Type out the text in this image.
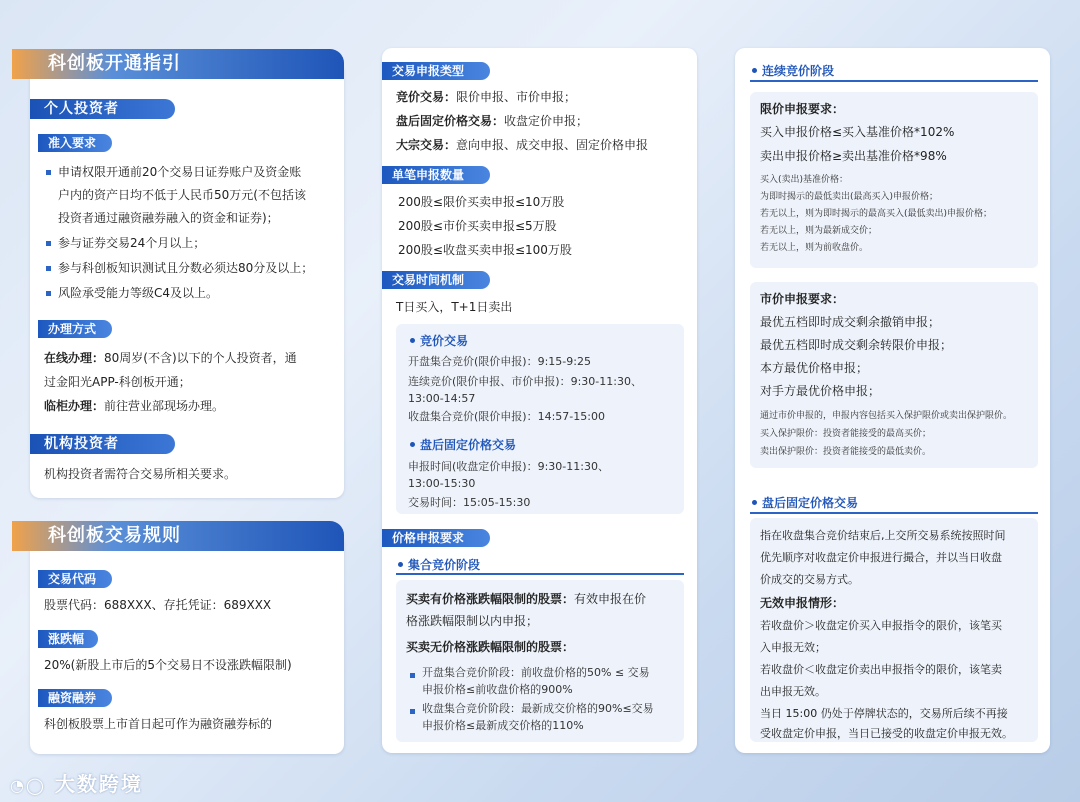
科创板开通指引
个人投资者
准入要求
申请权限开通前20个交易日证券账户及资金账
户内的资产日均不低于人民币50万元(不包括该
投资者通过融资融券融入的资金和证券)；
参与证券交易24个月以上；
参与科创板知识测试且分数必须达80分及以上；
风险承受能力等级C4及以上。
办理方式
在线办理：80周岁(不含)以下的个人投资者，通
过金阳光APP-科创板开通；
临柜办理：前往营业部现场办理。
机构投资者
机构投资者需符合交易所相关要求。
科创板交易规则
交易代码
股票代码：688XXX、存托凭证：689XXX
涨跌幅
20%(新股上市后的5个交易日不设涨跌幅限制)
融资融券
科创板股票上市首日起可作为融资融券标的
交易申报类型
竞价交易：限价申报、市价申报；
盘后固定价格交易：收盘定价申报；
大宗交易：意向申报、成交申报、固定价格申报
单笔申报数量
200股≤限价买卖申报≤10万股
200股≤市价买卖申报≤5万股
200股≤收盘买卖申报≤100万股
交易时间机制
T日买入，T+1日卖出
竞价交易
开盘集合竞价(限价申报)：9:15-9:25
连续竞价(限价申报、市价申报)：9:30-11:30、
13:00-14:57
收盘集合竞价(限价申报)：14:57-15:00
盘后固定价格交易
申报时间(收盘定价申报)：9:30-11:30、
13:00-15:30
交易时间：15:05-15:30
价格申报要求
集合竞价阶段
买卖有价格涨跌幅限制的股票：有效申报在价
格涨跌幅限制以内申报；
买卖无价格涨跌幅限制的股票：
开盘集合竞价阶段：前收盘价格的50% ≤ 交易
申报价格≤前收盘价格的900%
收盘集合竞价阶段：最新成交价格的90%≤交易
申报价格≤最新成交价格的110%
连续竞价阶段
限价申报要求：
买入申报价格≤买入基准价格*102%
卖出申报价格≥卖出基准价格*98%
买入(卖出)基准价格：
为即时揭示的最低卖出(最高买入)申报价格；
若无以上，则为即时揭示的最高买入(最低卖出)申报价格；
若无以上，则为最新成交价；
若无以上，则为前收盘价。
市价申报要求：
最优五档即时成交剩余撤销申报；
最优五档即时成交剩余转限价申报；
本方最优价格申报；
对手方最优价格申报；
通过市价申报的，申报内容包括买入保护限价或卖出保护限价。
买入保护限价：投资者能接受的最高买价；
卖出保护限价：投资者能接受的最低卖价。
盘后固定价格交易
指在收盘集合竞价结束后,上交所交易系统按照时间
优先顺序对收盘定价申报进行撮合，并以当日收盘
价成交的交易方式。
无效申报情形：
若收盘价＞收盘定价买入申报指令的限价，该笔买
入申报无效；
若收盘价＜收盘定价卖出申报指令的限价，该笔卖
出申报无效。
当日 15:00 仍处于停牌状态的，交易所后续不再接
受收盘定价申报，当日已接受的收盘定价申报无效。
◔◯ 大数跨境
